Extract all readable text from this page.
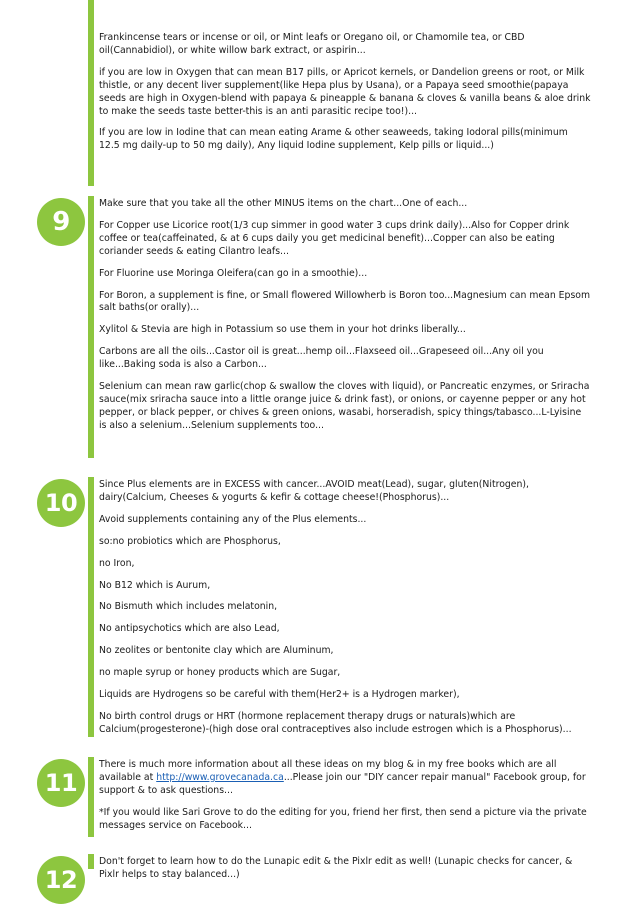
Frankincense tears or incense or oil, or Mint leafs or Oregano oil, or Chamomile tea, or CBD oil(Cannabidiol), or white willow bark extract, or aspirin...

if you are low in Oxygen that can mean B17 pills, or Apricot kernels, or Dandelion greens or root, or Milk thistle, or any decent liver supplement(like Hepa plus by Usana), or a Papaya seed smoothie(papaya seeds are high in Oxygen-blend with papaya & pineapple & banana & cloves & vanilla beans & aloe drink to make the seeds taste better-this is an anti parasitic recipe too!)...

If you are low in Iodine that can mean eating Arame & other seaweeds, taking Iodoral pills(minimum 12.5 mg daily-up to 50 mg daily), Any liquid Iodine supplement, Kelp pills or liquid...)

9

Make sure that you take all the other MINUS items on the chart...One of each...

For Copper use Licorice root(1/3 cup simmer in good water 3 cups drink daily)...Also for Copper drink coffee or tea(caffeinated, & at 6 cups daily you get medicinal benefit)...Copper can also be eating coriander seeds & eating Cilantro leafs...

For Fluorine use Moringa Oleifera(can go in a smoothie)...

For Boron, a supplement is fine, or Small flowered Willowherb is Boron too...Magnesium can mean Epsom salt baths(or orally)...

Xylitol & Stevia are high in Potassium so use them in your hot drinks liberally...

Carbons are all the oils...Castor oil is great...hemp oil...Flaxseed oil...Grapeseed oil...Any oil you like...Baking soda is also a Carbon...

Selenium can mean raw garlic(chop & swallow the cloves with liquid), or Pancreatic enzymes, or Sriracha sauce(mix sriracha sauce into a little orange juice & drink fast), or onions, or cayenne pepper or any hot pepper, or black pepper, or chives & green onions, wasabi, horseradish, spicy things/tabasco...L-Lyisine is also a selenium...Selenium supplements too...

10

Since Plus elements are in EXCESS with cancer...AVOID meat(Lead), sugar, gluten(Nitrogen), dairy(Calcium, Cheeses & yogurts & kefir & cottage cheese!(Phosphorus)...

Avoid supplements containing any of the Plus elements...

so:no probiotics which are Phosphorus,

no Iron,

No B12 which is Aurum,

No Bismuth which includes melatonin,

No antipsychotics which are also Lead,

No zeolites or bentonite clay which are Aluminum,

no maple syrup or honey products which are Sugar,

Liquids are Hydrogens so be careful with them(Her2+ is a Hydrogen marker),

No birth control drugs or HRT (hormone replacement therapy drugs or naturals)which are Calcium(progesterone)-(high dose oral contraceptives also include estrogen which is a Phosphorus)...

11

There is much more information about all these ideas on my blog & in my free books which are all available at http://www.grovecanada.ca...Please join our "DIY cancer repair manual" Facebook group, for support & to ask questions...

*If you would like Sari Grove to do the editing for you, friend her first, then send a picture via the private messages service on Facebook...

12

Don't forget to learn how to do the Lunapic edit & the Pixlr edit as well! (Lunapic checks for cancer, & Pixlr helps to stay balanced...)
